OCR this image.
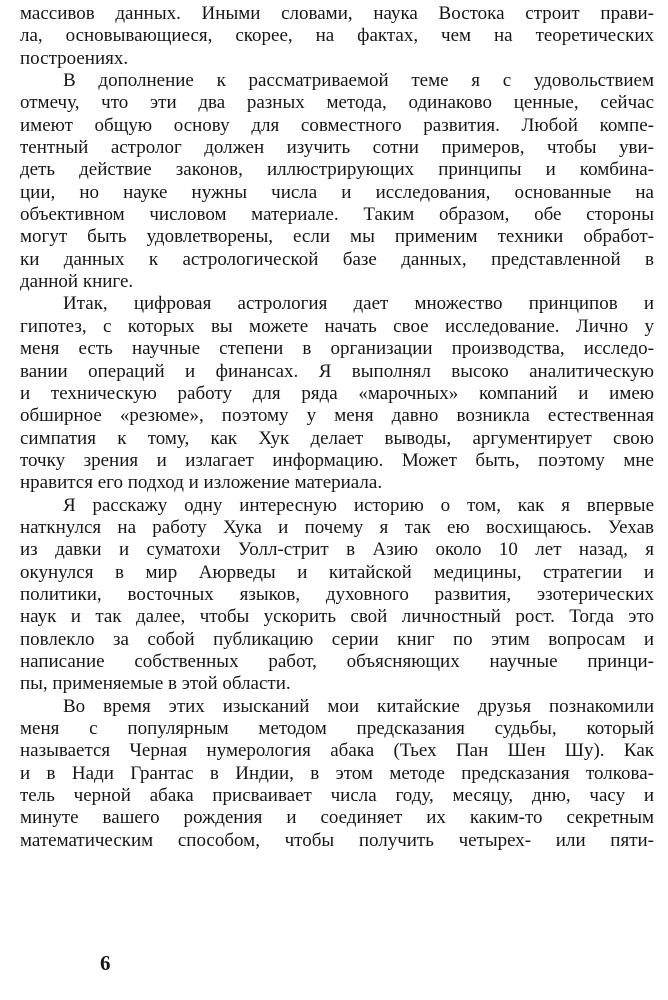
массивов данных. Иными словами, наука Востока строит прави-
ла, основывающиеся, скорее, на фактах, чем на теоретических
построениях.
В дополнение к рассматриваемой теме я с удовольствием
отмечу, что эти два разных метода, одинаково ценные, сейчас
имеют общую основу для совместного развития. Любой компе-
тентный астролог должен изучить сотни примеров, чтобы уви-
деть действие законов, иллюстрирующих принципы и комбина-
ции, но науке нужны числа и исследования, основанные на
объективном числовом материале. Таким образом, обе стороны
могут быть удовлетворены, если мы применим техники обработ-
ки данных к астрологической базе данных, представленной в
данной книге.
Итак, цифровая астрология дает множество принципов и
гипотез, с которых вы можете начать свое исследование. Лично у
меня есть научные степени в организации производства, исследо-
вании операций и финансах. Я выполнял высоко аналитическую
и техническую работу для ряда «марочных» компаний и имею
обширное «резюме», поэтому у меня давно возникла естественная
симпатия к тому, как Хук делает выводы, аргументирует свою
точку зрения и излагает информацию. Может быть, поэтому мне
нравится его подход и изложение материала.
Я расскажу одну интересную историю о том, как я впервые
наткнулся на работу Хука и почему я так ею восхищаюсь. Уехав
из давки и суматохи Уолл-стрит в Азию около 10 лет назад, я
окунулся в мир Аюрведы и китайской медицины, стратегии и
политики, восточных языков, духовного развития, эзотерических
наук и так далее, чтобы ускорить свой личностный рост. Тогда это
повлекло за собой публикацию серии книг по этим вопросам и
написание собственных работ, объясняющих научные принци-
пы, применяемые в этой области.
Во время этих изысканий мои китайские друзья познакомили
меня с популярным методом предсказания судьбы, который
называется Черная нумерология абака (Тьех Пан Шен Шу). Как
и в Нади Грантас в Индии, в этом методе предсказания толкова-
тель черной абака присваивает числа году, месяцу, дню, часу и
минуте вашего рождения и соединяет их каким-то секретным
математическим способом, чтобы получить четырех- или пяти-
6
